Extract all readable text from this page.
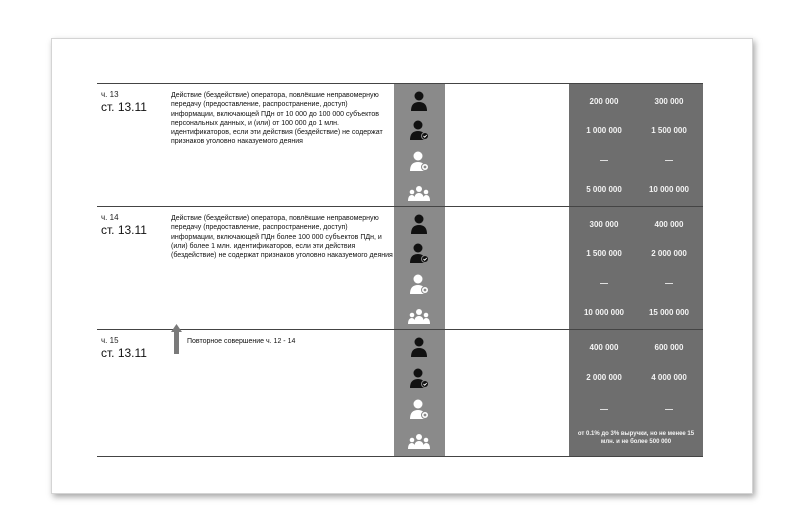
ч. 13
ст. 13.11
Действие (бездействие) оператора, повлёкшие неправомерную передачу (предоставление, распространение, доступ) информации, включающей ПДн от 10 000 до 100 000 субъектов персональных данных, и (или) от 100 000 до 1 млн. идентификаторов, если эти действия (бездействие) не содержат признаков уголовно наказуемого деяния
200 000	300 000
1 000 000	1 500 000
—	—
5 000 000	10 000 000
ч. 14
ст. 13.11
Действие (бездействие) оператора, повлёкшие неправомерную передачу (предоставление, распространение, доступ) информации, включающей ПДн более 100 000 субъектов ПДн, и (или) более 1 млн. идентификаторов, если эти действия (бездействие) не содержат признаков уголовно наказуемого деяния
300 000	400 000
1 500 000	2 000 000
—	—
10 000 000	15 000 000
ч. 15
ст. 13.11
Повторное совершение ч. 12 - 14
400 000	600 000
2 000 000	4 000 000
—	—
от 0.1% до 3% выручки, но не менее 15 млн. и не более 500 000
